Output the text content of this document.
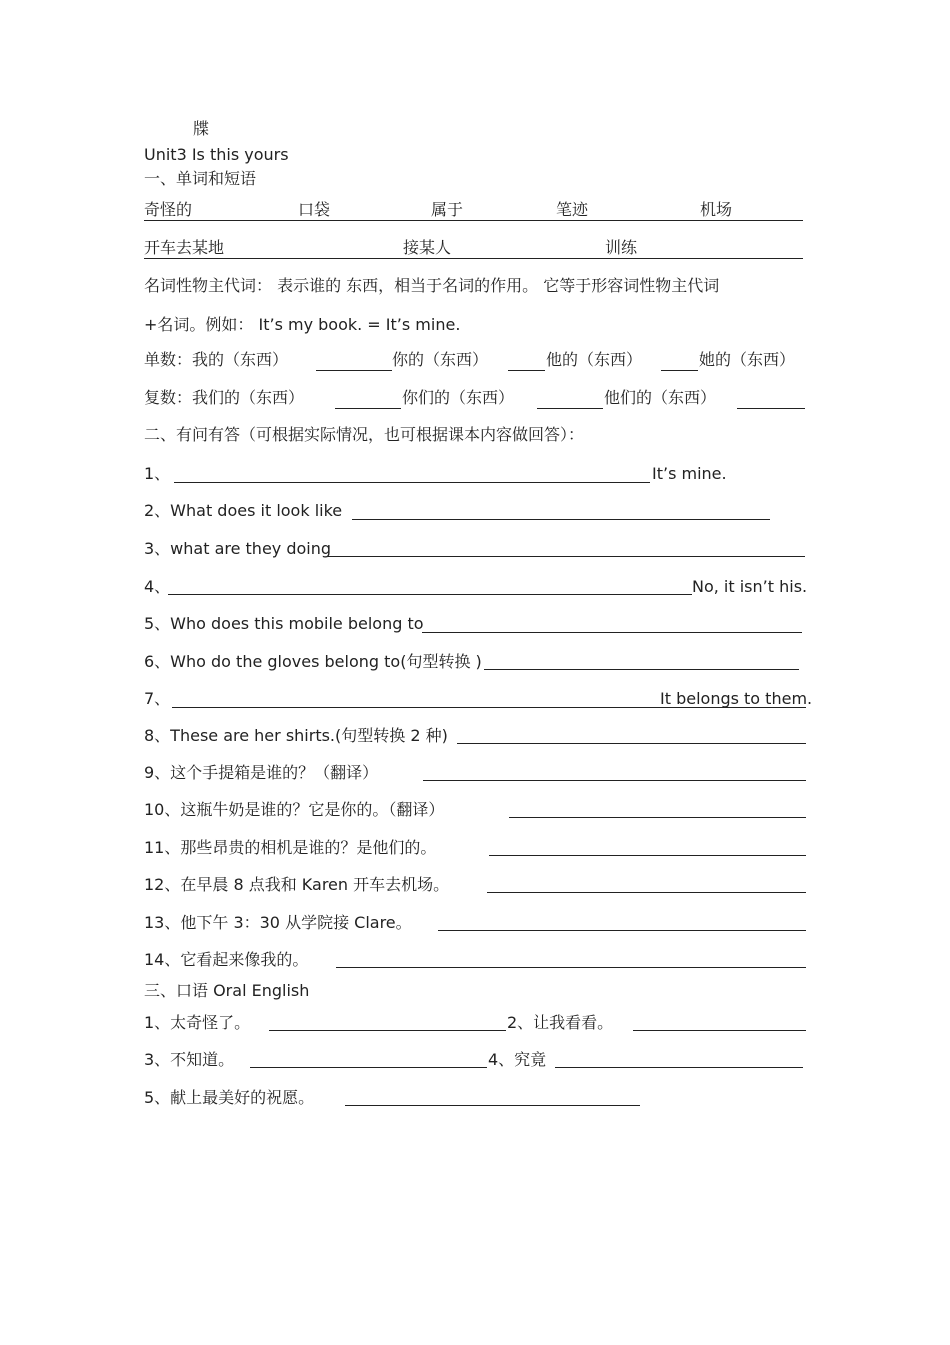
牒
Unit3 Is this yours
一、单词和短语
奇怪的	口袋	属于	笔迹	机场
开车去某地	接某人	训练
名词性物主代词： 表示谁的 东西，相当于名词的作用。 它等于形容词性物主代词
+名词。例如： It’s my book. = It’s mine.
单数：我的（东西）	你的（东西）	他的（东西）	她的（东西）
复数：我们的（东西）	你们的（东西）	他们的（东西）
二、有问有答（可根据实际情况，也可根据课本内容做回答）：
1、	It’s mine.
2、What does it look like
3、what are they doing
4、	No, it isn’t his.
5、Who does this mobile belong to
6、Who do the gloves belong to(句型转换 )
7、	It belongs to them.
8、These are her shirts.(句型转换 2 种)
9、这个手提箱是谁的？（翻译）
10、这瓶牛奶是谁的？它是你的。（翻译）
11、那些昂贵的相机是谁的？是他们的。
12、在早晨 8 点我和 Karen 开车去机场。
13、他下午 3：30 从学院接 Clare。
14、它看起来像我的。
三、口语 Oral English
1、太奇怪了。	2、让我看看。
3、不知道。	4、究竟
5、献上最美好的祝愿。
